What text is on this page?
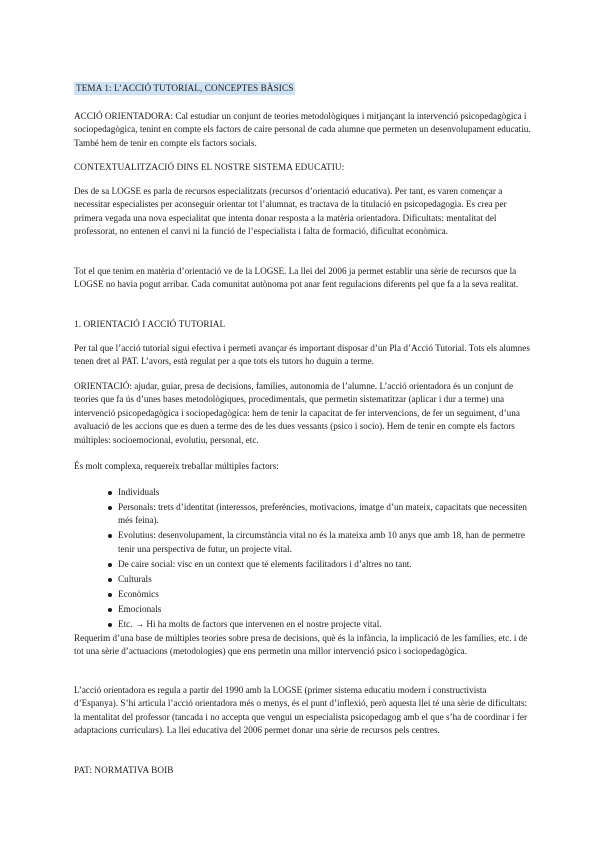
TEMA 1: L’ACCIÓ TUTORIAL, CONCEPTES BÀSICS

ACCIÓ ORIENTADORA: Cal estudiar un conjunt de teories metodològiques i mitjançant la intervenció psicopedagògica i sociopedagògica, tenint en compte els factors de caire personal de cada alumne que permeten un desenvolupament educatiu. També hem de tenir en compte els factors socials.

CONTEXTUALITZACIÓ DINS EL NOSTRE SISTEMA EDUCATIU:

Des de sa LOGSE es parla de recursos especialitzats (recursos d’orientació educativa). Per tant, es varen començar a necessitar especialistes per aconseguir orientar tot l’alumnat, es tractava de la titulació en psicopedagogia. Es crea per primera vegada una nova especialitat que intenta donar resposta a la matèria orientadora. Dificultats: mentalitat del professorat, no entenen el canvi ni la funció de l’especialista i falta de formació, dificultat econòmica.

Tot el que tenim en matèria d’orientació ve de la LOGSE. La llei del 2006 ja permet establir una sèrie de recursos que la LOGSE no havia pogut arribar. Cada comunitat autònoma pot anar fent regulacions diferents pel que fa a la seva realitat.

1. ORIENTACIÓ I ACCIÓ TUTORIAL

Per tal que l’acció tutorial sigui efectiva i permeti avançar és important disposar d’un Pla d’Acció Tutorial. Tots els alumnes tenen dret al PAT. L’avors, està regulat per a que tots els tutors ho duguin a terme.

ORIENTACIÓ: ajudar, guiar, presa de decisions, famílies, autonomia de l’alumne. L’acció orientadora és un conjunt de teories que fa ús d’unes bases metodològiques, procedimentals, que permetin sistematitzar (aplicar i dur a terme) una intervenció psicopedagògica i sociopedagògica: hem de tenir la capacitat de fer intervencions, de fer un seguiment, d’una avaluació de les accions que es duen a terme des de les dues vessants (psico i socio). Hem de tenir en compte els factors múltiples: socioemocional, evolutiu, personal, etc.

És molt complexa, requereix treballar múltiples factors:

Individuals
Personals: trets d’identitat (interessos, preferències, motivacions, imatge d’un mateix, capacitats que necessiten més feina).
Evolutius: desenvolupament, la circumstància vital no és la mateixa amb 10 anys que amb 18, han de permetre tenir una perspectiva de futur, un projecte vital.
De caire social: visc en un context que té elements facilitadors i d’altres no tant.
Culturals
Econòmics
Emocionals
Etc. → Hi ha molts de factors que intervenen en el nostre projecte vital.

Requerim d’una base de múltiples teories sobre presa de decisions, què és la infància, la implicació de les famílies, etc. i de tot una sèrie d’actuacions (metodologies) que ens permetin una millor intervenció psico i sociopedagògica.

L’acció orientadora es regula a partir del 1990 amb la LOGSE (primer sistema educatiu modern i constructivista d’Espanya). S’hi articula l’acció orientadora més o menys, és el punt d’inflexió, però aquesta llei té una sèrie de dificultats: la mentalitat del professor (tancada i no accepta que vengui un especialista psicopedagog amb el que s’ha de coordinar i fer adaptacions curriculars). La llei educativa del 2006 permet donar una sèrie de recursos pels centres.

PAT: NORMATIVA BOIB
